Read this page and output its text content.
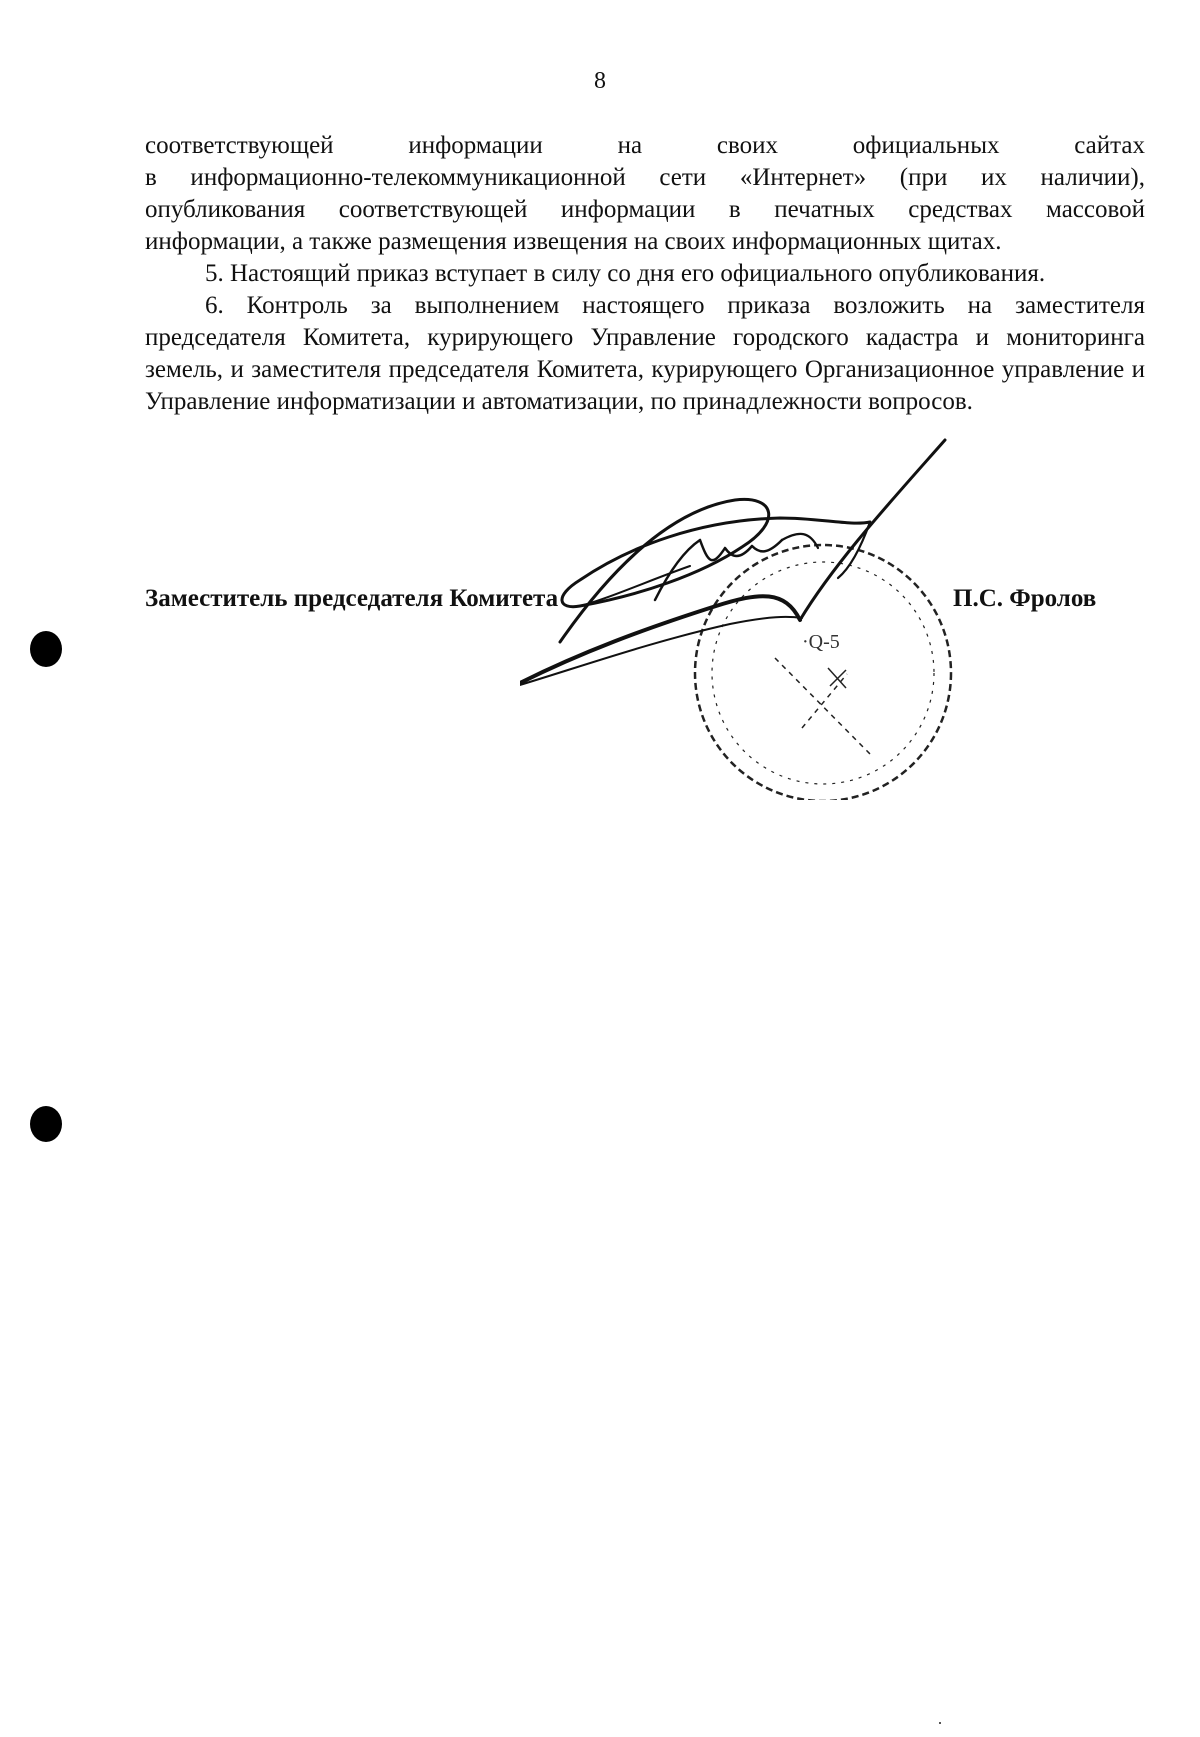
8

соответствующей информации на своих официальных сайтах
в информационно-телекоммуникационной сети «Интернет» (при их наличии),
опубликования соответствующей информации в печатных средствах массовой
информации, а также размещения извещения на своих информационных щитах.

5. Настоящий приказ вступает в силу со дня его официального опубликования.

6. Контроль за выполнением настоящего приказа возложить на заместителя председателя Комитета, курирующего Управление городского кадастра и мониторинга земель, и заместителя председателя Комитета, курирующего Организационное управление и Управление информатизации и автоматизации, по принадлежности вопросов.

Заместитель председателя Комитета	П.С. Фролов
·Q-5
